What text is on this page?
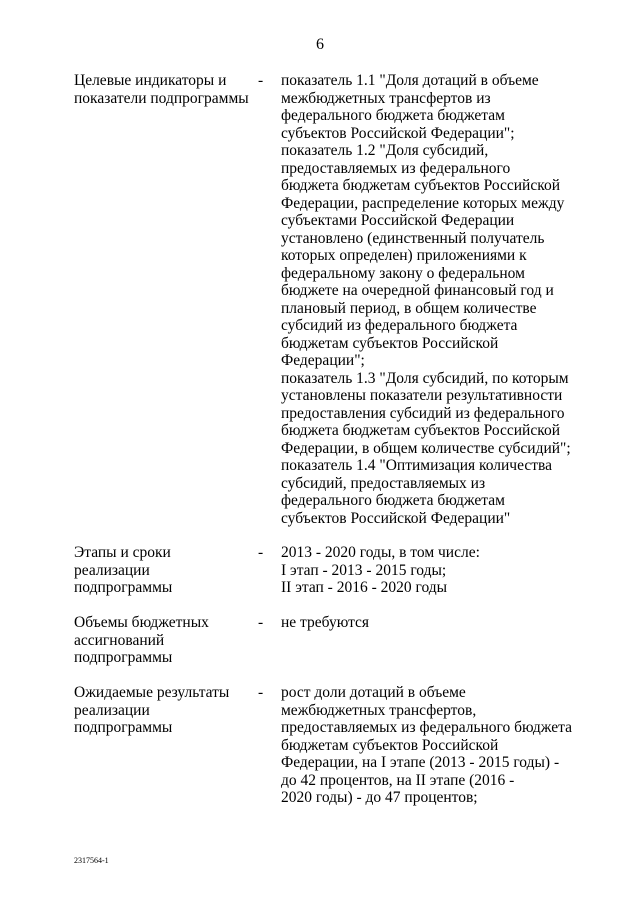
6
Целевые индикаторы и
показатели подпрограммы
- показатель 1.1 "Доля дотаций в объеме
межбюджетных трансфертов из
федерального бюджета бюджетам
субъектов Российской Федерации";
показатель 1.2 "Доля субсидий,
предоставляемых из федерального
бюджета бюджетам субъектов Российской
Федерации, распределение которых между
субъектами Российской Федерации
установлено (единственный получатель
которых определен) приложениями к
федеральному закону о федеральном
бюджете на очередной финансовый год и
плановый период, в общем количестве
субсидий из федерального бюджета
бюджетам субъектов Российской
Федерации";
показатель 1.3 "Доля субсидий, по которым
установлены показатели результативности
предоставления субсидий из федерального
бюджета бюджетам субъектов Российской
Федерации, в общем количестве субсидий";
показатель 1.4 "Оптимизация количества
субсидий, предоставляемых из
федерального бюджета бюджетам
субъектов Российской Федерации"
Этапы и сроки
реализации
подпрограммы
- 2013 - 2020 годы, в том числе:
I этап - 2013 - 2015 годы;
II этап - 2016 - 2020 годы
Объемы бюджетных
ассигнований
подпрограммы
- не требуются
Ожидаемые результаты
реализации
подпрограммы
- рост доли дотаций в объеме
межбюджетных трансфертов,
предоставляемых из федерального бюджета
бюджетам субъектов Российской
Федерации, на I этапе (2013 - 2015 годы) -
до 42 процентов, на II этапе (2016 -
2020 годы) - до 47 процентов;
2317564-1
